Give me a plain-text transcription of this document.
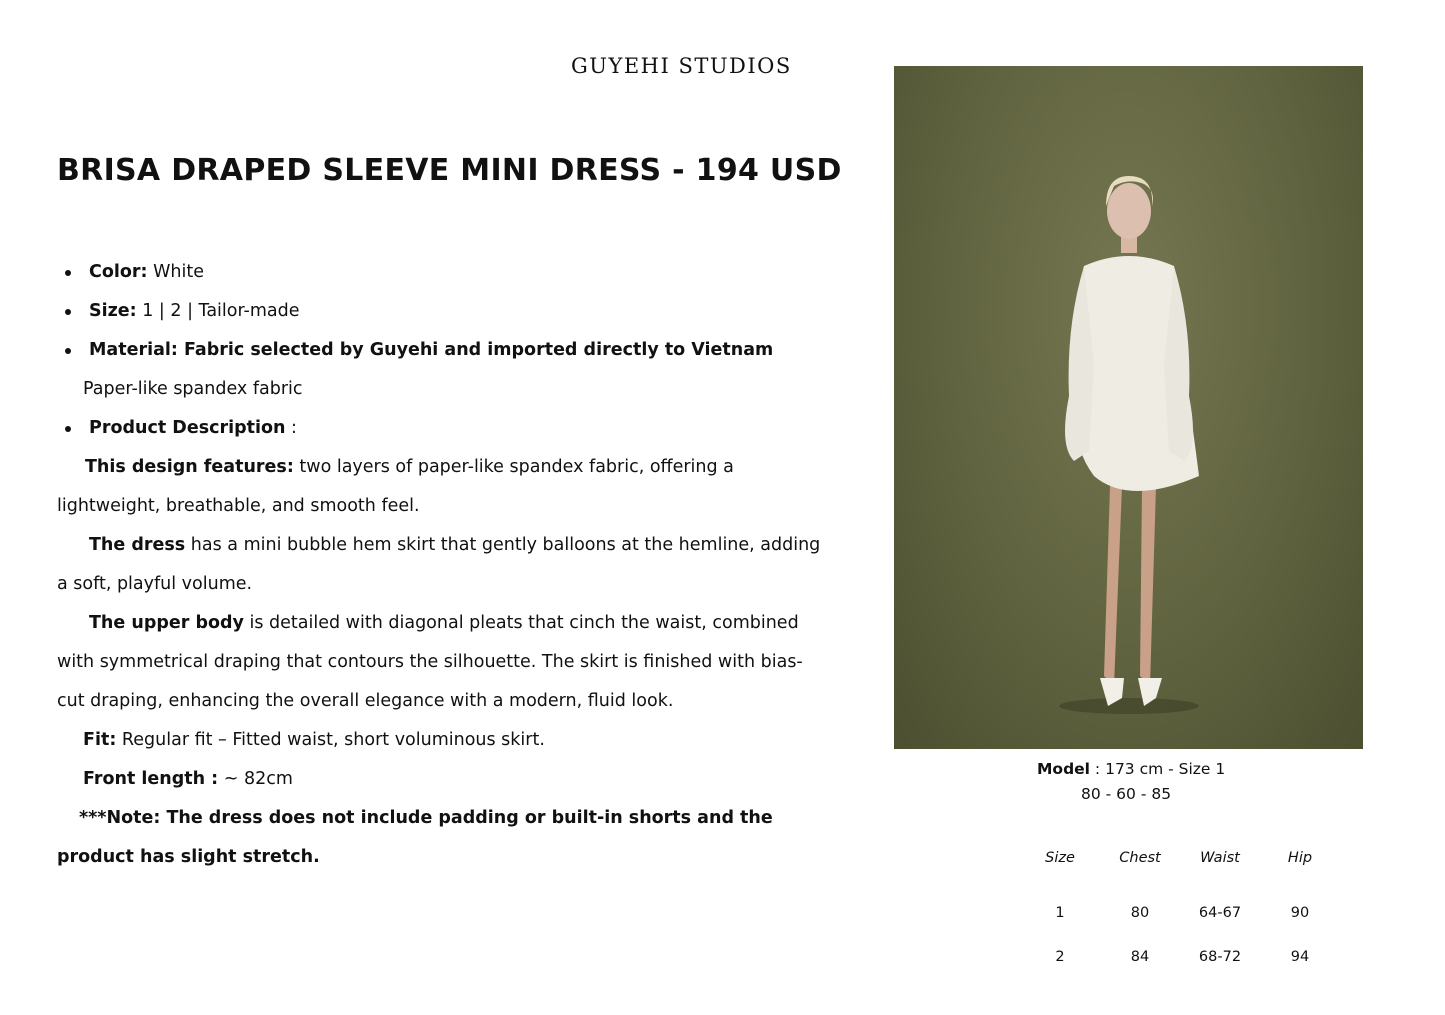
GUYEHI STUDIOS
BRISA DRAPED SLEEVE MINI DRESS - 194 USD

Color: White

Size: 1 | 2 | Tailor-made

Material: Fabric selected by Guyehi and imported directly to Vietnam

Paper-like spandex fabric

Product Description :

This design features: two layers of paper-like spandex fabric, offering a lightweight, breathable, and smooth feel.

The dress has a mini bubble hem skirt that gently balloons at the hemline, adding a soft, playful volume.

The upper body is detailed with diagonal pleats that cinch the waist, combined with symmetrical draping that contours the silhouette. The skirt is finished with bias-cut draping, enhancing the overall elegance with a modern, fluid look.

Fit: Regular fit – Fitted waist, short voluminous skirt.

Front length : ~ 82cm

***Note: The dress does not include padding or built-in shorts and the product has slight stretch.

Model : 173 cm - Size 1
80 - 60 - 85
Size	Chest	Waist	Hip
1	80	64-67	90
2	84	68-72	94
